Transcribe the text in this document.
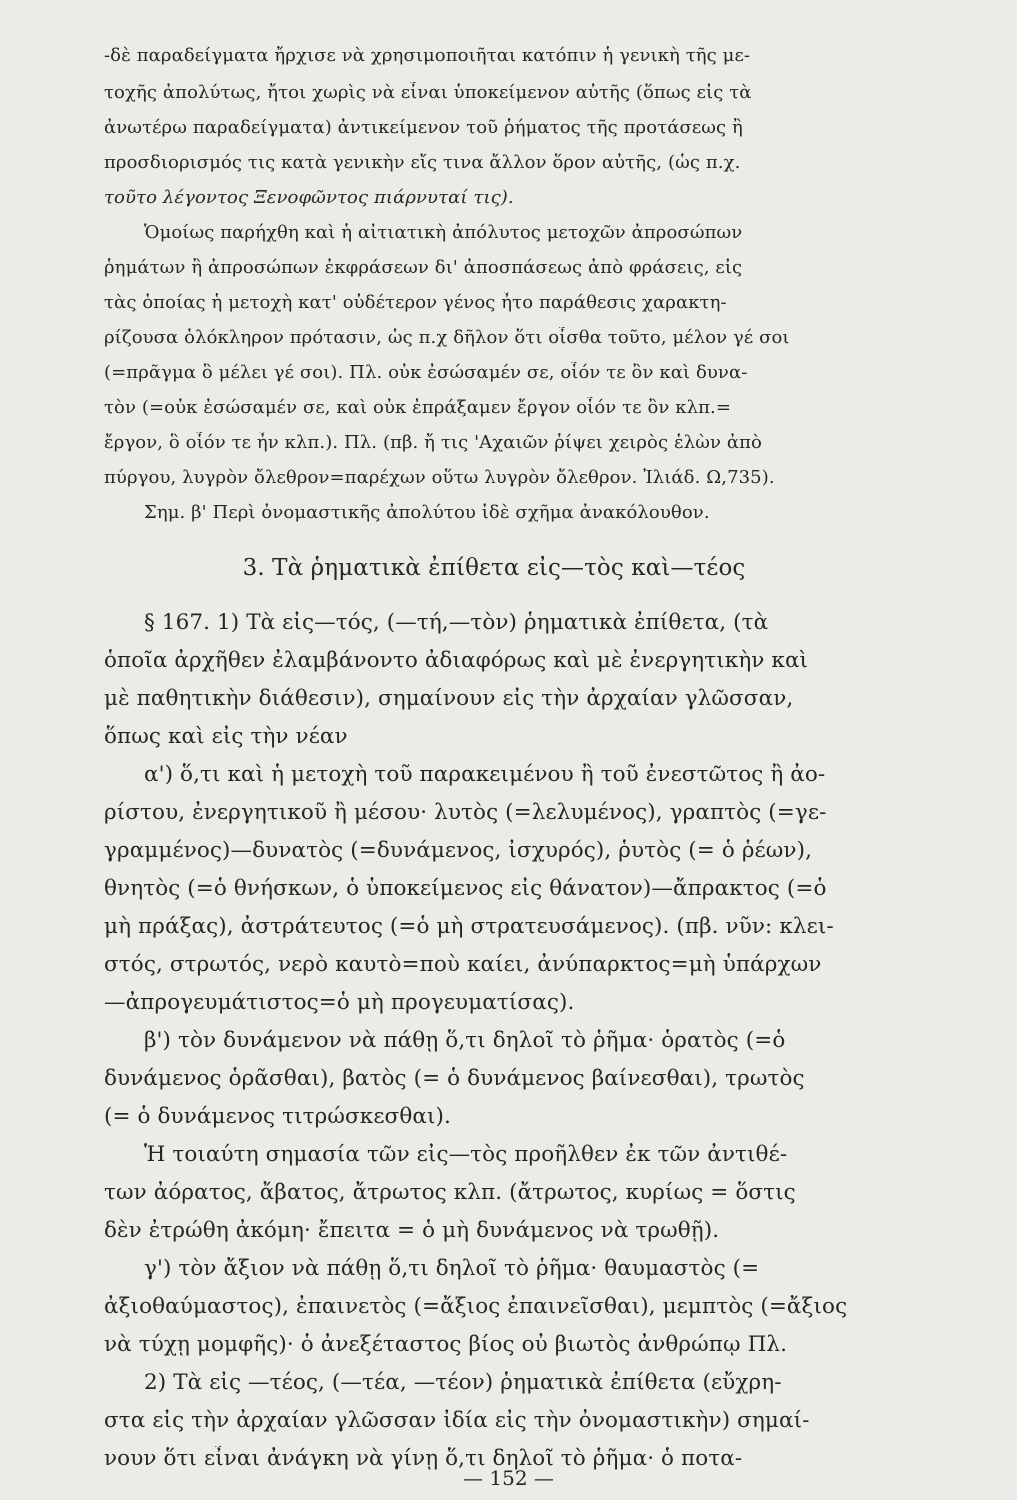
-δὲ παραδείγματα ἤρχισε νὰ χρησιμοποιῆται κατόπιν ἡ γενικὴ τῆς με-
τοχῆς ἀπολύτως, ἤτοι χωρὶς νὰ εἶναι ὑποκείμενον αὐτῆς (ὅπως εἰς τὰ
ἀνωτέρω παραδείγματα) ἀντικείμενον τοῦ ῥήματος τῆς προτάσεως ἢ
προσδιορισμός τις κατὰ γενικὴν εἴς τινα ἄλλον ὅρον αὐτῆς, (ὡς π.χ.
τοῦτο λέγοντος Ξενοφῶντος πιάρνυταί τις).
Ὁμοίως παρήχθη καὶ ἡ αἰτιατικὴ ἀπόλυτος μετοχῶν ἀπροσώπων
ῥημάτων ἢ ἀπροσώπων ἐκφράσεων δι' ἀποσπάσεως ἀπὸ φράσεις, εἰς
τὰς ὁποίας ἡ μετοχὴ κατ' οὐδέτερον γένος ἦτο παράθεσις χαρακτη-
ρίζουσα ὁλόκληρον πρότασιν, ὡς π.χ δῆλον ὅτι οἶσθα τοῦτο, μέλον γέ σοι
(=πρᾶγμα ὃ μέλει γέ σοι). Πλ. οὐκ ἐσώσαμέν σε, οἷόν τε ὂν καὶ δυνα-
τὸν (=οὐκ ἐσώσαμέν σε, καὶ οὐκ ἐπράξαμεν ἔργον οἷόν τε ὂν κλπ.=
ἔργον, ὃ οἷόν τε ἦν κλπ.). Πλ. (πβ. ἤ τις 'Αχαιῶν ῥίψει χειρὸς ἑλὼν ἀπὸ
πύργου, λυγρὸν ὄλεθρον=παρέχων οὕτω λυγρὸν ὄλεθρον. Ἰλιάδ. Ω,735).
Σημ. β' Περὶ ὀνομαστικῆς ἀπολύτου ἰδὲ σχῆμα ἀνακόλουθον.
3. Τὰ ῥηματικὰ ἐπίθετα εἰς—τὸς καὶ—τέος
§ 167. 1) Τὰ εἰς—τός, (—τή,—τὸν) ῥηματικὰ ἐπίθετα, (τὰ
ὁποῖα ἀρχῆθεν ἐλαμβάνοντο ἀδιαφόρως καὶ μὲ ἐνεργητικὴν καὶ
μὲ παθητικὴν διάθεσιν), σημαίνουν εἰς τὴν ἀρχαίαν γλῶσσαν,
ὅπως καὶ εἰς τὴν νέαν
α') ὅ,τι καὶ ἡ μετοχὴ τοῦ παρακειμένου ἢ τοῦ ἐνεστῶτος ἢ ἀο-
ρίστου, ἐνεργητικοῦ ἢ μέσου· λυτὸς (=λελυμένος), γραπτὸς (=γε-
γραμμένος)—δυνατὸς (=δυνάμενος, ἰσχυρός), ῥυτὸς (= ὁ ῥέων),
θνητὸς (=ὁ θνήσκων, ὁ ὑποκείμενος εἰς θάνατον)—ἄπρακτος (=ὁ
μὴ πράξας), ἀστράτευτος (=ὁ μὴ στρατευσάμενος). (πβ. νῦν: κλει-
στός, στρωτός, νερὸ καυτὸ=ποὺ καίει, ἀνύπαρκτος=μὴ ὑπάρχων
—ἀπρογευμάτιστος=ὁ μὴ προγευματίσας).
β') τὸν δυνάμενον νὰ πάθῃ ὅ,τι δηλοῖ τὸ ῥῆμα· ὁρατὸς (=ὁ
δυνάμενος ὁρᾶσθαι), βατὸς (= ὁ δυνάμενος βαίνεσθαι), τρωτὸς
(= ὁ δυνάμενος τιτρώσκεσθαι).
Ἡ τοιαύτη σημασία τῶν εἰς—τὸς προῆλθεν ἐκ τῶν ἀντιθέ-
των ἀόρατος, ἄβατος, ἄτρωτος κλπ. (ἄτρωτος, κυρίως = ὅστις
δὲν ἐτρώθη ἀκόμη· ἔπειτα = ὁ μὴ δυνάμενος νὰ τρωθῇ).
γ') τὸν ἄξιον νὰ πάθῃ ὅ,τι δηλοῖ τὸ ῥῆμα· θαυμαστὸς (=
ἀξιοθαύμαστος), ἐπαινετὸς (=ἄξιος ἐπαινεῖσθαι), μεμπτὸς (=ἄξιος
νὰ τύχῃ μομφῆς)· ὁ ἀνεξέταστος βίος οὐ βιωτὸς ἀνθρώπῳ Πλ.
2) Τὰ εἰς —τέος, (—τέα, —τέον) ῥηματικὰ ἐπίθετα (εὔχρη-
στα εἰς τὴν ἀρχαίαν γλῶσσαν ἰδία εἰς τὴν ὀνομαστικὴν) σημαί-
νουν ὅτι εἶναι ἀνάγκη νὰ γίνῃ ὅ,τι δηλοῖ τὸ ῥῆμα· ὁ ποτα-
— 152 —
